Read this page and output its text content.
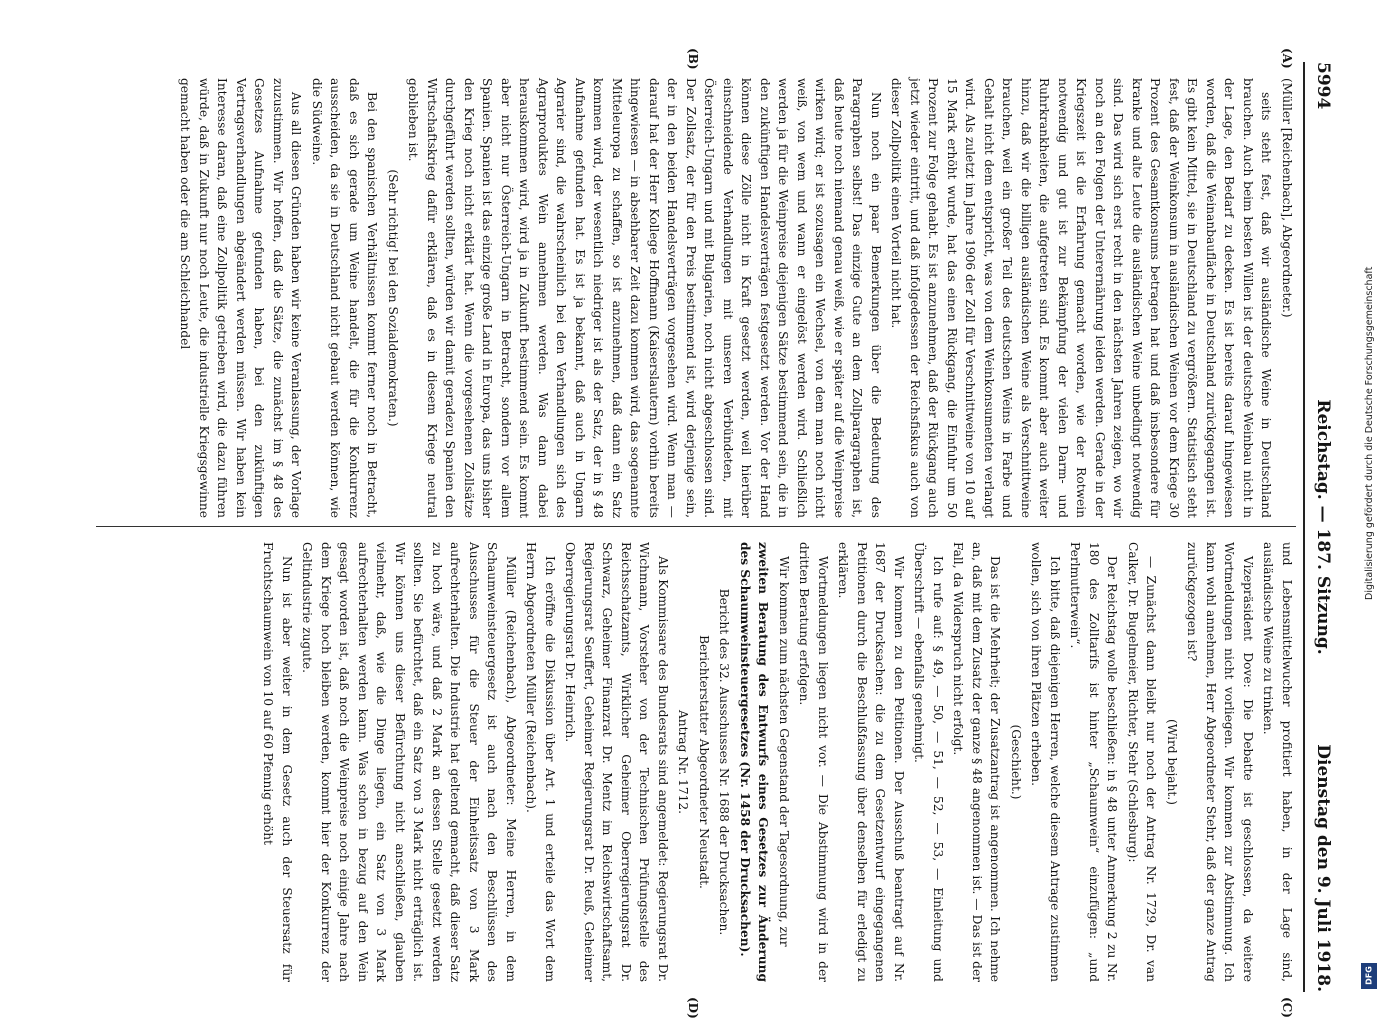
5994
Reichstag. — 187. Sitzung.
Dienstag den 9. Juli 1918.
(A)
(B)
(C)
(D)

(Müller [Reichenbach], Abgeordneter.)

seits steht fest, daß wir ausländische Weine in Deutschland brauchen. Auch beim besten Willen ist der deutsche Weinbau nicht in der Lage, den Bedarf zu decken. Es ist bereits darauf hingewiesen worden, daß die Weinanbaufläche in Deutschland zurückgegangen ist. Es gibt kein Mittel, sie in Deutschland zu vergrößern. Statistisch steht fest, daß der Weinkonsum in ausländischen Weinen vor dem Kriege 30 Prozent des Gesamtkonsums betragen hat und daß insbesondere für kranke und alte Leute die ausländischen Weine unbedingt notwendig sind. Das wird sich erst recht in den nächsten Jahren zeigen, wo wir noch an den Folgen der Unterernährung leiden werden. Gerade in der Kriegszeit ist die Erfahrung gemacht worden, wie der Rotwein notwendig und gut ist zur Bekämpfung der vielen Darm- und Ruhrkrankheiten, die aufgetreten sind. Es kommt aber auch weiter hinzu, daß wir die billigen ausländischen Weine als Verschnittweine brauchen, weil ein großer Teil des deutschen Weins in Farbe und Gehalt nicht dem entspricht, was von dem Weinkonsumenten verlangt wird. Als zuletzt im Jahre 1906 der Zoll für Verschnittweine von 10 auf 15 Mark erhöht wurde, hat das einen Rückgang, die Einfuhr um 50 Prozent zur Folge gehabt. Es ist anzunehmen, daß der Rückgang auch jetzt wieder eintritt, und daß infolgedessen der Reichsfiskus auch von dieser Zollpolitik einen Vorteil nicht hat.

Nun noch ein paar Bemerkungen über die Bedeutung des Paragraphen selbst! Das einzige Gute an dem Zollparagraphen ist, daß heute noch niemand genau weiß, wie er später auf die Weinpreise wirken wird; er ist sozusagen ein Wechsel, von dem man noch nicht weiß, von wem und wann er eingelöst werden wird. Schließlich werden ja für die Weinpreise diejenigen Sätze bestimmend sein, die in den zukünftigen Handelsverträgen festgesetzt werden. Vor der Hand können diese Zölle nicht in Kraft gesetzt werden, weil hierüber einschneidende Verhandlungen mit unseren Verbündeten, mit Österreich-Ungarn und mit Bulgarien, noch nicht abgeschlossen sind. Der Zollsatz, der für den Preis bestimmend ist, wird derjenige sein, der in den beiden Handelsverträgen vorgesehen wird. Wenn man — darauf hat der Herr Kollege Hoffmann (Kaiserslautern) vorhin bereits hingewiesen — in absehbarer Zeit dazu kommen wird, das sogenannte Mitteleuropa zu schaffen, so ist anzunehmen, daß dann ein Satz kommen wird, der wesentlich niedriger ist als der Satz, der in § 48 Aufnahme gefunden hat. Es ist ja bekannt, daß auch in Ungarn Agrarier sind, die wahrscheinlich bei den Verhandlungen sich des Agrarproduktes Wein annehmen werden. Was dann dabei herauskommen wird, wird ja in Zukunft bestimmend sein. Es kommt aber nicht nur Österreich-Ungarn in Betracht, sondern vor allem Spanien. Spanien ist das einzige große Land in Europa, das uns bisher den Krieg noch nicht erklärt hat. Wenn die vorgesehenen Zollsätze durchgeführt werden sollten, würden wir damit geradezu Spanien den Wirtschaftskrieg dafür erklären, daß es in diesem Kriege neutral geblieben ist.

(Sehr richtig! bei den Sozialdemokraten.)

Bei den spanischen Verhältnissen kommt ferner noch in Betracht, daß es sich gerade um Weine handelt, die für die Konkurrenz ausscheiden, da sie in Deutschland nicht gebaut werden können, wie die Südweine.

Aus all diesen Gründen haben wir keine Veranlassung, der Vorlage zuzustimmen. Wir hoffen, daß die Sätze, die zunächst im § 48 des Gesetzes Aufnahme gefunden haben, bei den zukünftigen Vertragsverhandlungen abgeändert werden müssen. Wir haben kein Interesse daran, daß eine Zollpolitik getrieben wird, die dazu führen würde, daß in Zukunft nur noch Leute, die industrielle Kriegsgewinne gemacht haben oder die am Schleichhandel

und Lebensmittelwucher profitiert haben, in der Lage sind, ausländische Weine zu trinken.

Vizepräsident Dove: Die Debatte ist geschlossen, da weitere Wortmeldungen nicht vorliegen. Wir kommen zur Abstimmung. Ich kann wohl annehmen, Herr Abgeordneter Stehr, daß der ganze Antrag zurückgezogen ist?

(Wird bejaht.)

— Zunächst dann bleibt nur noch der Antrag Nr. 1729, Dr. van Calker, Dr. Bugelmeier, Richter, Stehr (Schlesburg):

Der Reichstag wolle beschließen: in § 48 unter Anmerkung 2 zu Nr. 180 des Zolltarifs ist hinter „Schaumwein“ einzufügen: „und Perlmutterwein“.

Ich bitte, daß diejenigen Herren, welche diesem Antrage zustimmen wollen, sich von ihren Plätzen erheben.

(Geschieht.)

Das ist die Mehrheit; der Zusatzantrag ist angenommen. Ich nehme an, daß mit dem Zusatz der ganze § 48 angenommen ist. — Das ist der Fall, da Widerspruch nicht erfolgt.

Ich rufe auf: § 49, — 50, — 51, — 52, — 53, — Einleitung und Überschrift — ebenfalls genehmigt.

Wir kommen zu den Petitionen. Der Ausschuß beantragt auf Nr. 1687 der Drucksachen: die zu dem Gesetzentwurf eingegangenen Petitionen durch die Beschlußfassung über denselben für erledigt zu erklären.

Wortmeldungen liegen nicht vor. — Die Abstimmung wird in der dritten Beratung erfolgen.

Wir kommen zum nächsten Gegenstand der Tagesordnung, zur

zweiten Beratung des Entwurfs eines Gesetzes zur Änderung des Schaumweinsteuergesetzes (Nr. 1458 der Drucksachen).

Bericht des 32. Ausschusses Nr. 1688 der Drucksachen.

Berichterstatter Abgeordneter Neustadt.

Antrag Nr. 1712.

Als Kommissare des Bundesrats sind angemeldet: Regierungsrat Dr. Wichmann, Vorsteher von der Technischen Prüfungsstelle des Reichsschatzamts, Wirklicher Geheimer Oberregierungsrat Dr. Schwarz, Geheimer Finanzrat Dr. Mentz im Reichswirtschaftsamt, Regierungsrat Seuffert, Geheimer Regierungsrat Dr. Reuß, Geheimer Oberregierungsrat Dr. Heinrich.

Ich eröffne die Diskussion über Art. 1 und erteile das Wort dem Herrn Abgeordneten Müller (Reichenbach).

Müller (Reichenbach), Abgeordneter: Meine Herren, in dem Schaumweinsteuergesetz ist auch nach den Beschlüssen des Ausschusses für die Steuer der Einheitssatz von 3 Mark aufrechterhalten. Die Industrie hat geltend gemacht, daß dieser Satz zu hoch wäre, und daß 2 Mark an dessen Stelle gesetzt werden sollten. Sie befürchtet, daß ein Satz von 3 Mark nicht erträglich ist. Wir können uns dieser Befürchtung nicht anschließen, glauben vielmehr, daß, wie die Dinge liegen, ein Satz von 3 Mark aufrechterhalten werden kann. Was schon in bezug auf den Wein gesagt worden ist, daß noch die Weinpreise noch einige Jahre nach dem Kriege hoch bleiben werden, kommt hier der Konkurrenz der Geltindustrie zugute.

Nun ist aber weiter in dem Gesetz auch der Steuersatz für Fruchtschaumwein von 10 auf 60 Pfennig erhöht

Digitalisierung gefördert durch die Deutsche Forschungsgemeinschaft
DFG
